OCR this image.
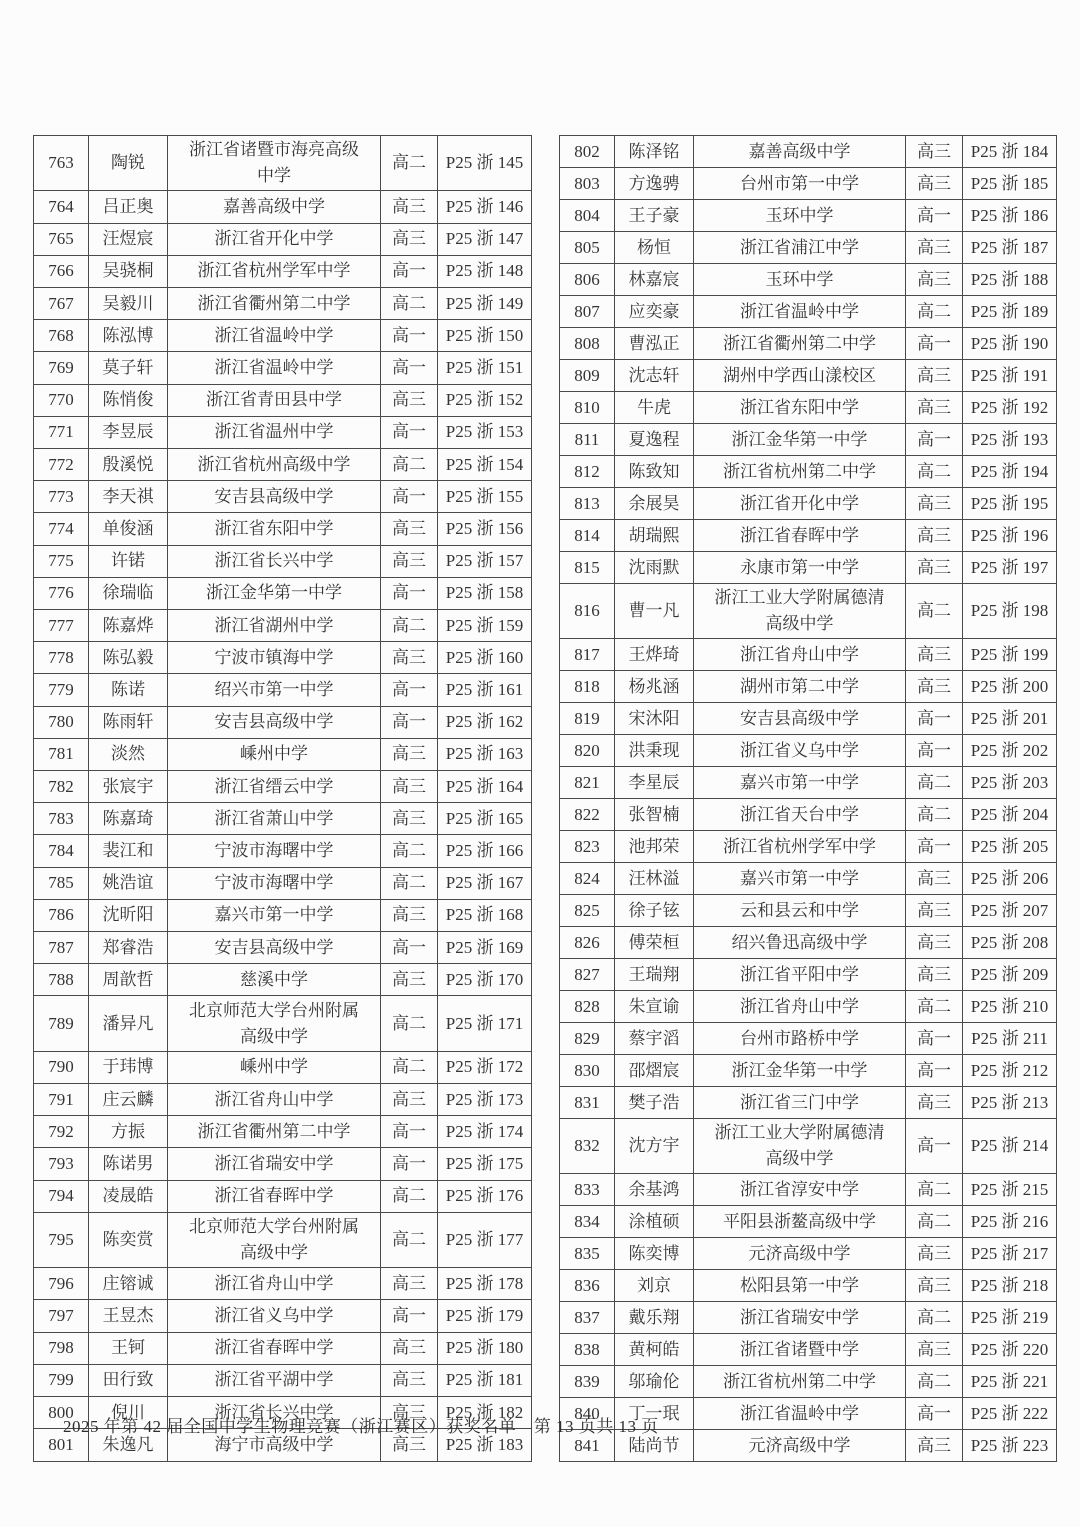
763	陶锐	浙江省诸暨市海亮高级中学	高二	P25 浙 145
764	吕正奥	嘉善高级中学	高三	P25 浙 146
765	汪煜宸	浙江省开化中学	高三	P25 浙 147
766	吴骁桐	浙江省杭州学军中学	高一	P25 浙 148
767	吴毅川	浙江省衢州第二中学	高二	P25 浙 149
768	陈泓博	浙江省温岭中学	高一	P25 浙 150
769	莫子轩	浙江省温岭中学	高一	P25 浙 151
770	陈悄俊	浙江省青田县中学	高三	P25 浙 152
771	李昱辰	浙江省温州中学	高一	P25 浙 153
772	殷溪悦	浙江省杭州高级中学	高二	P25 浙 154
773	李天祺	安吉县高级中学	高一	P25 浙 155
774	单俊涵	浙江省东阳中学	高三	P25 浙 156
775	许锘	浙江省长兴中学	高三	P25 浙 157
776	徐瑞临	浙江金华第一中学	高一	P25 浙 158
777	陈嘉烨	浙江省湖州中学	高二	P25 浙 159
778	陈弘毅	宁波市镇海中学	高三	P25 浙 160
779	陈诺	绍兴市第一中学	高一	P25 浙 161
780	陈雨轩	安吉县高级中学	高一	P25 浙 162
781	淡然	嵊州中学	高三	P25 浙 163
782	张宸宇	浙江省缙云中学	高三	P25 浙 164
783	陈嘉琦	浙江省萧山中学	高三	P25 浙 165
784	裴江和	宁波市海曙中学	高二	P25 浙 166
785	姚浩谊	宁波市海曙中学	高二	P25 浙 167
786	沈昕阳	嘉兴市第一中学	高三	P25 浙 168
787	郑睿浩	安吉县高级中学	高一	P25 浙 169
788	周歆哲	慈溪中学	高三	P25 浙 170
789	潘异凡	北京师范大学台州附属高级中学	高二	P25 浙 171
790	于玮博	嵊州中学	高二	P25 浙 172
791	庄云麟	浙江省舟山中学	高三	P25 浙 173
792	方振	浙江省衢州第二中学	高一	P25 浙 174
793	陈诺男	浙江省瑞安中学	高一	P25 浙 175
794	凌晟皓	浙江省春晖中学	高二	P25 浙 176
795	陈奕赏	北京师范大学台州附属高级中学	高二	P25 浙 177
796	庄镕诚	浙江省舟山中学	高三	P25 浙 178
797	王昱杰	浙江省义乌中学	高一	P25 浙 179
798	王钶	浙江省春晖中学	高三	P25 浙 180
799	田行致	浙江省平湖中学	高三	P25 浙 181
800	倪川	浙江省长兴中学	高三	P25 浙 182
801	朱逸凡	海宁市高级中学	高三	P25 浙 183
802	陈泽铭	嘉善高级中学	高三	P25 浙 184
803	方逸骋	台州市第一中学	高三	P25 浙 185
804	王子豪	玉环中学	高一	P25 浙 186
805	杨恒	浙江省浦江中学	高三	P25 浙 187
806	林嘉宸	玉环中学	高三	P25 浙 188
807	应奕豪	浙江省温岭中学	高二	P25 浙 189
808	曹泓正	浙江省衢州第二中学	高一	P25 浙 190
809	沈志轩	湖州中学西山漾校区	高三	P25 浙 191
810	牛虎	浙江省东阳中学	高三	P25 浙 192
811	夏逸程	浙江金华第一中学	高一	P25 浙 193
812	陈致知	浙江省杭州第二中学	高二	P25 浙 194
813	余展昊	浙江省开化中学	高三	P25 浙 195
814	胡瑞熙	浙江省春晖中学	高三	P25 浙 196
815	沈雨默	永康市第一中学	高三	P25 浙 197
816	曹一凡	浙江工业大学附属德清高级中学	高二	P25 浙 198
817	王烨琦	浙江省舟山中学	高三	P25 浙 199
818	杨兆涵	湖州市第二中学	高三	P25 浙 200
819	宋沐阳	安吉县高级中学	高一	P25 浙 201
820	洪秉现	浙江省义乌中学	高一	P25 浙 202
821	李星辰	嘉兴市第一中学	高二	P25 浙 203
822	张智楠	浙江省天台中学	高二	P25 浙 204
823	池邦荣	浙江省杭州学军中学	高一	P25 浙 205
824	汪林溢	嘉兴市第一中学	高三	P25 浙 206
825	徐子铉	云和县云和中学	高三	P25 浙 207
826	傅荣桓	绍兴鲁迅高级中学	高三	P25 浙 208
827	王瑞翔	浙江省平阳中学	高三	P25 浙 209
828	朱宣谕	浙江省舟山中学	高二	P25 浙 210
829	蔡宇滔	台州市路桥中学	高一	P25 浙 211
830	邵熠宸	浙江金华第一中学	高一	P25 浙 212
831	樊子浩	浙江省三门中学	高三	P25 浙 213
832	沈方宇	浙江工业大学附属德清高级中学	高一	P25 浙 214
833	余基鸿	浙江省淳安中学	高二	P25 浙 215
834	涂植硕	平阳县浙鳌高级中学	高二	P25 浙 216
835	陈奕博	元济高级中学	高三	P25 浙 217
836	刘京	松阳县第一中学	高三	P25 浙 218
837	戴乐翔	浙江省瑞安中学	高二	P25 浙 219
838	黄柯皓	浙江省诸暨中学	高三	P25 浙 220
839	邬瑜伦	浙江省杭州第二中学	高二	P25 浙 221
840	丁一珉	浙江省温岭中学	高一	P25 浙 222
841	陆尚节	元济高级中学	高三	P25 浙 223
2025 年第 42 届全国中学生物理竞赛（浙江赛区）获奖名单　第 13 页共 13 页
